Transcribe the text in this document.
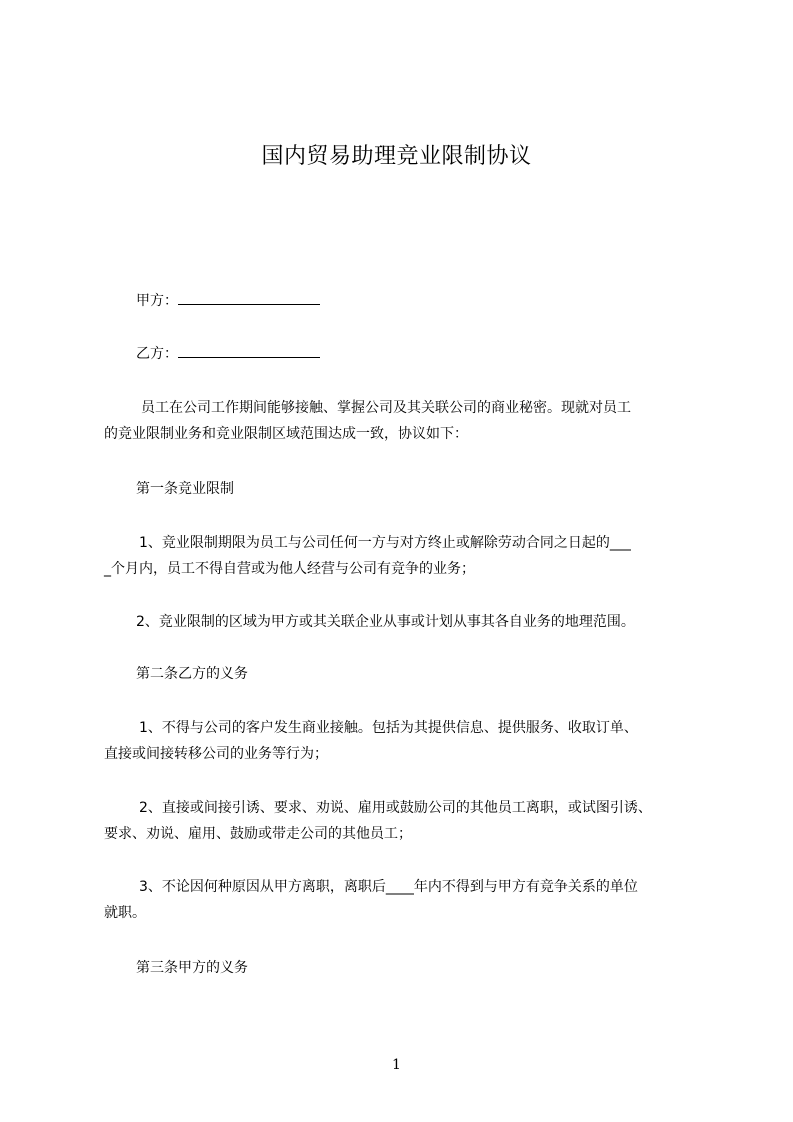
国内贸易助理竞业限制协议
甲方：
乙方：
员工在公司工作期间能够接触、掌握公司及其关联公司的商业秘密。现就对员工
的竞业限制业务和竞业限制区域范围达成一致，协议如下：
第一条竞业限制
1、竞业限制期限为员工与公司任何一方与对方终止或解除劳动合同之日起的___
_个月内，员工不得自营或为他人经营与公司有竞争的业务；
2、竞业限制的区域为甲方或其关联企业从事或计划从事其各自业务的地理范围。
第二条乙方的义务
1、不得与公司的客户发生商业接触。包括为其提供信息、提供服务、收取订单、
直接或间接转移公司的业务等行为；
2、直接或间接引诱、要求、劝说、雇用或鼓励公司的其他员工离职，或试图引诱、
要求、劝说、雇用、鼓励或带走公司的其他员工；
3、不论因何种原因从甲方离职，离职后____年内不得到与甲方有竞争关系的单位
就职。
第三条甲方的义务
1
